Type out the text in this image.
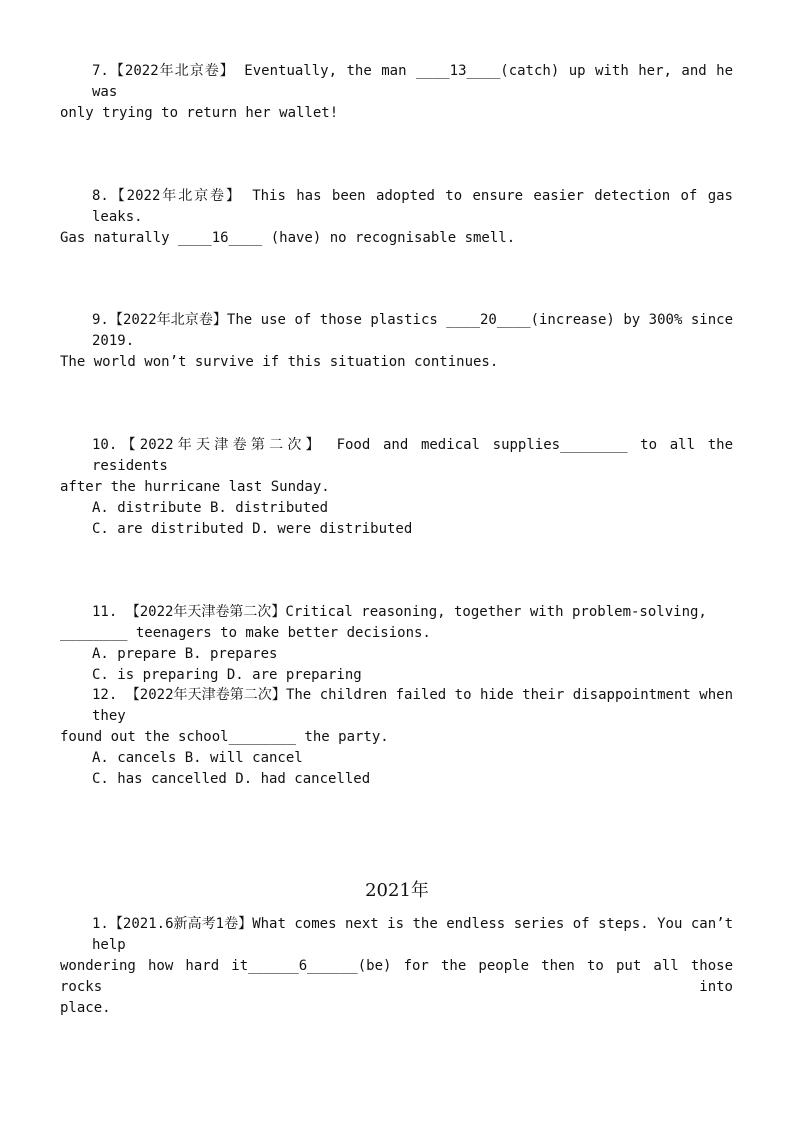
7.【2022年北京卷】 Eventually, the man ____13____(catch) up with her, and he was
only trying to return her wallet!
8.【2022年北京卷】 This has been adopted to ensure easier detection of gas leaks.
Gas naturally ____16____ (have) no recognisable smell.
9.【2022年北京卷】The use of those plastics ____20____(increase) by 300% since 2019.
The world won’t survive if this situation continues.
10.【2022年天津卷第二次】 Food and medical supplies________ to all the residents
after the hurricane last Sunday.
A. distribute B. distributed
C. are distributed D. were distributed
11. 【2022年天津卷第二次】Critical reasoning, together with problem-solving,
________ teenagers to make better decisions.
A. prepare B. prepares
C. is preparing D. are preparing
12. 【2022年天津卷第二次】The children failed to hide their disappointment when they
found out the school________ the party.
A. cancels B. will cancel
C. has cancelled D. had cancelled
2021年
1.【2021.6新高考1卷】What comes next is the endless series of steps. You can’t help
wondering how hard it______6______(be) for the people then to put all those rocks into
place.
